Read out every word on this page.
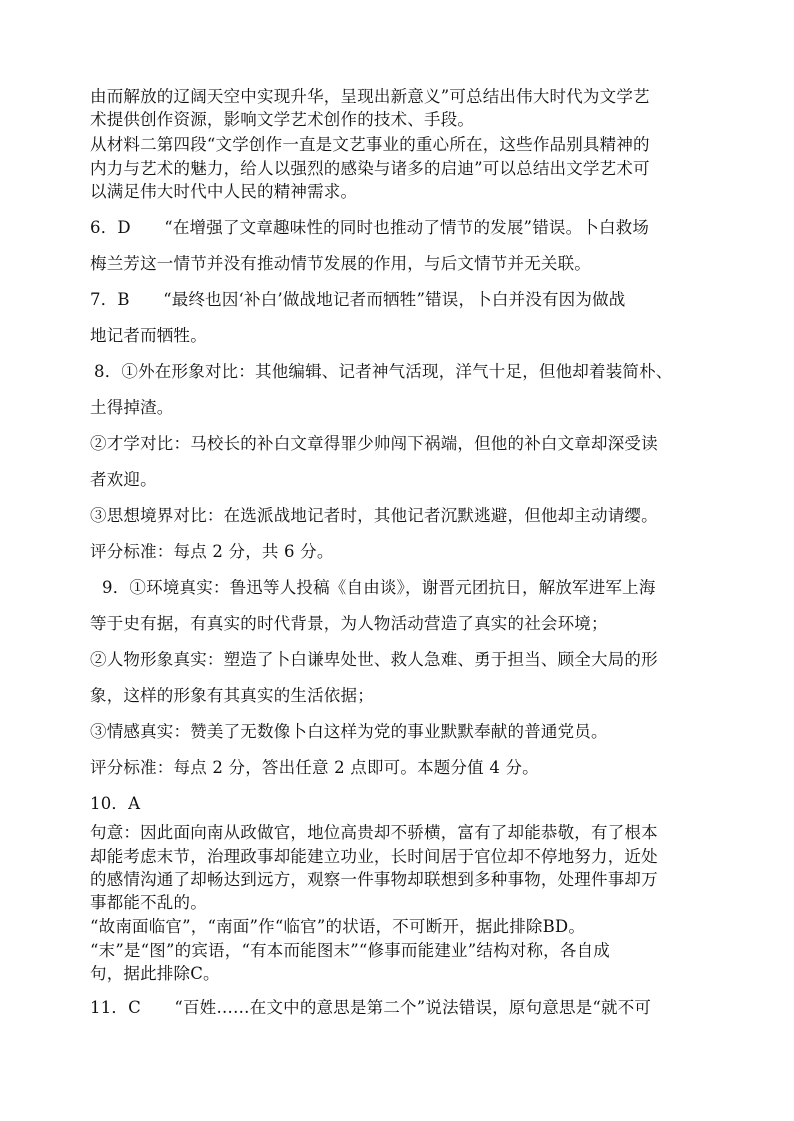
由而解放的辽阔天空中实现升华，呈现出新意义”可总结出伟大时代为文学艺
术提供创作资源，影响文学艺术创作的技术、手段。
从材料二第四段“文学创作一直是文艺事业的重心所在，这些作品别具精神的
内力与艺术的魅力，给人以强烈的感染与诸多的启迪”可以总结出文学艺术可
以满足伟大时代中人民的精神需求。
6．D　　“在增强了文章趣味性的同时也推动了情节的发展”错误。卜白救场
梅兰芳这一情节并没有推动情节发展的作用，与后文情节并无关联。
7．B　　“最终也因‘补白’做战地记者而牺牲”错误，卜白并没有因为做战
地记者而牺牲。
8．①外在形象对比：其他编辑、记者神气活现，洋气十足，但他却着装简朴、
土得掉渣。
②才学对比：马校长的补白文章得罪少帅闯下祸端，但他的补白文章却深受读
者欢迎。
③思想境界对比：在选派战地记者时，其他记者沉默逃避，但他却主动请缨。
评分标准：每点 2 分，共 6 分。
9．①环境真实：鲁迅等人投稿《自由谈》，谢晋元团抗日，解放军进军上海
等于史有据，有真实的时代背景，为人物活动营造了真实的社会环境；
②人物形象真实：塑造了卜白谦卑处世、救人急难、勇于担当、顾全大局的形
象，这样的形象有其真实的生活依据；
③情感真实：赞美了无数像卜白这样为党的事业默默奉献的普通党员。
评分标准：每点 2 分，答出任意 2 点即可。本题分值 4 分。
10．A
句意：因此面向南从政做官，地位高贵却不骄横，富有了却能恭敬，有了根本
却能考虑末节，治理政事却能建立功业，长时间居于官位却不停地努力，近处
的感情沟通了却畅达到远方，观察一件事物却联想到多种事物，处理件事却万
事都能不乱的。
“故南面临官”，“南面”作“临官”的状语，不可断开，据此排除BD。
“末”是“图”的宾语，“有本而能图末”“修事而能建业”结构对称，各自成
句，据此排除C。
11．C　　“百姓……在文中的意思是第二个”说法错误，原句意思是“就不可
